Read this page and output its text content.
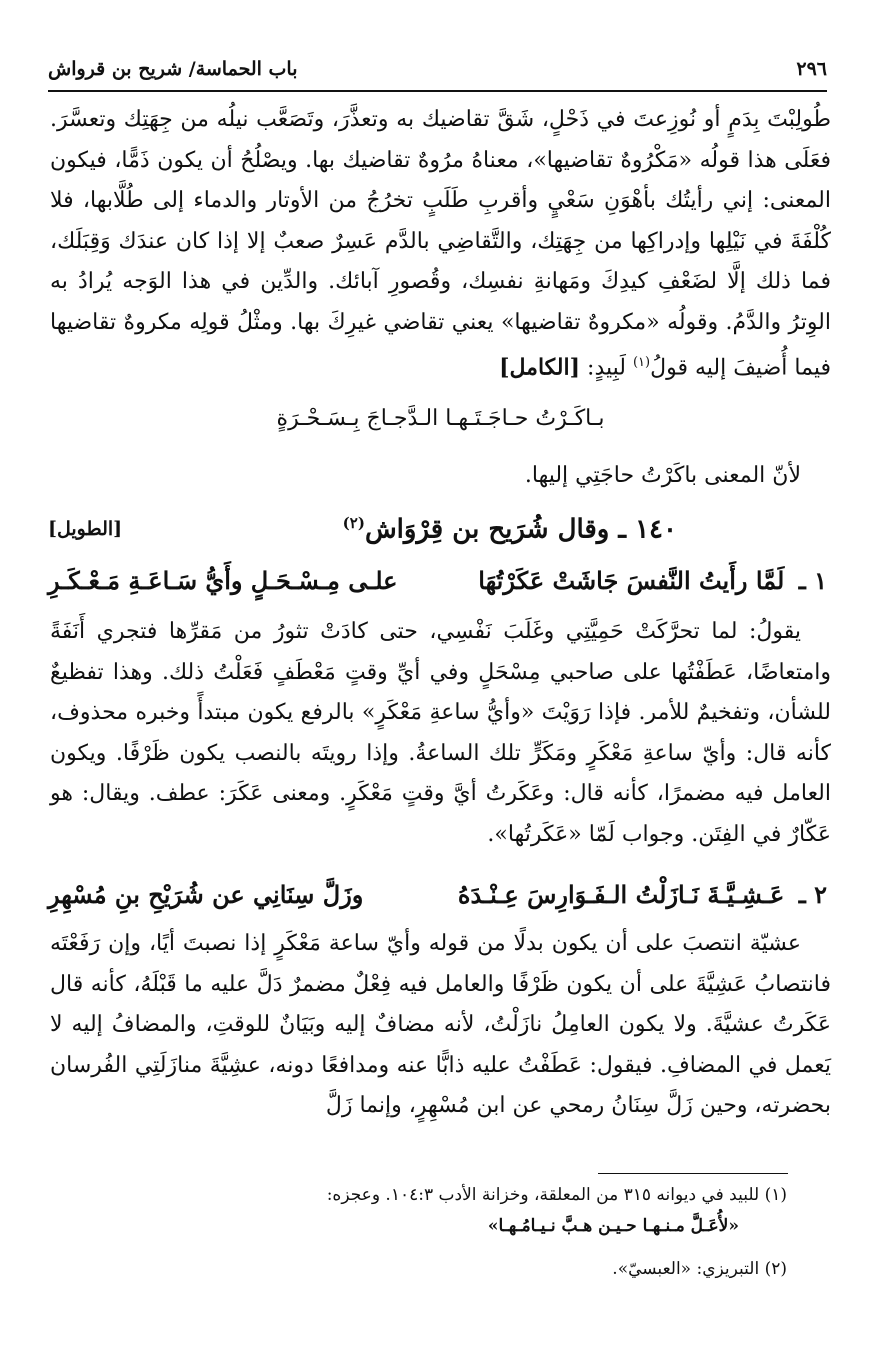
٢٩٦
باب الحماسة/ شريح بن قرواش

طُولِبْتَ بِدَمٍ أو نُوزِعتَ في ذَحْلٍ، شَقَّ تقاضيك به وتعذَّرَ، وتَصَعَّب نيلُه من جِهَتِك وتعسَّرَ. فعَلَى هذا قولُه «مَكْرُوهٌ تقاضيها»، معناهُ مرُوهٌ تقاضيك بها. ويصْلُحُ أن يكون ذَمًّا، فيكون المعنى: إني رأيتُك بأهْوَنِ سَعْيٍ وأقربِ طَلَبٍ تخرُجُ من الأوتار والدماء إلى طُلَّابها، فلا كُلْفَةَ في نَيْلِها وإدراكِها من جِهَتِك، والتَّقاضِي بالدَّم عَسِرٌ صعبٌ إلا إذا كان عندَك وَقِبَلَك، فما ذلك إلَّا لضَعْفِ كيدِكَ ومَهانةِ نفسِك، وقُصورِ آبائك. والدِّين في هذا الوَجه يُرادُ به الوِترُ والدَّمُ. وقولُه «مكروهٌ تقاضيها» يعني تقاضي غيرِكَ بها. ومثْلُ قولِه مكروهٌ تقاضيها فيما أُضيفَ إليه قولُ$^{(١)}$ لَبِيدٍ: [الكامل]

بـاكَـرْتُ حـاجَـتَـهـا الـدَّجـاجَ بِـسَـحْـرَةٍ

لأنّ المعنى باكَرْتُ حاجَتِي إليها.

١٤٠ ـ وقال شُرَيح بن قِرْوَاش$^{(٢)}$
[الطويل]
١ ـ لَمَّا رأَيتُ النَّفسَ جَاشَتْ عَكَرْتُهَا
علـى مِـسْـحَـلٍ وأَيُّ سَـاعَـةِ مَـعْـكَـرِ

يقولُ: لما تحرَّكَتْ حَمِيَّتِي وغَلَبَ نَفْسِي، حتى كادَتْ تثورُ من مَقرِّها فتجري أَنَفَةً وامتعاضًا، عَطَفْتُها على صاحبي مِسْحَلٍ وفي أيِّ وقتٍ مَعْطَفٍ فَعَلْتُ ذلك. وهذا تفظيعٌ للشأن، وتفخيمٌ للأمر. فإذا رَوَيْتَ «وأيُّ ساعةِ مَعْكَرٍ» بالرفع يكون مبتدأً وخبره محذوف، كأنه قال: وأيّ ساعةِ مَعْكَرٍ ومَكَرٍّ تلك الساعةُ. وإذا رويتَه بالنصب يكون ظَرْفًا. ويكون العامل فيه مضمرًا، كأنه قال: وعَكَرتُ أيَّ وقتٍ مَعْكَرٍ. ومعنى عَكَرَ: عطف. ويقال: هو عَكّارٌ في الفِتَن. وجواب لَمّا «عَكَرتُها».

٢ ـ عَـشِـيَّـةَ نَـازَلْتُ الـفَـوَارِسَ عِـنْـدَهُ
وزَلَّ سِنَانِي عن شُرَيْحِ بنِ مُسْهِرِ

عشيّة انتصبَ على أن يكون بدلًا من قوله وأيّ ساعة مَعْكَرٍ إذا نصبتَ أيًا، وإن رَفَعْتَه فانتصابُ عَشِيَّةَ على أن يكون ظَرْفًا والعامل فيه فِعْلٌ مضمرٌ دَلَّ عليه ما قَبْلَهُ، كأنه قال عَكَرتُ عشيَّةَ. ولا يكون العامِلُ نازَلْتُ، لأنه مضافٌ إليه وبَيَانٌ للوقتِ، والمضافُ إليه لا يَعمل في المضافِ. فيقول: عَطَفْتُ عليه ذابًّا عنه ومدافعًا دونه، عشِيَّةَ منازَلَتِي الفُرسان بحضرته، وحين زَلَّ سِنَانُ رمحي عن ابن مُسْهِرٍ، وإنما زَلَّ

(١) للبيد في ديوانه ٣١٥ من المعلقة، وخزانة الأدب ١٠٤:٣. وعجزه:

«لأُعَـلَّ مـنـهـا حـيـن هـبَّ نـيـامُـهـا»

(٢) التبريزي: «العبسيّ».
